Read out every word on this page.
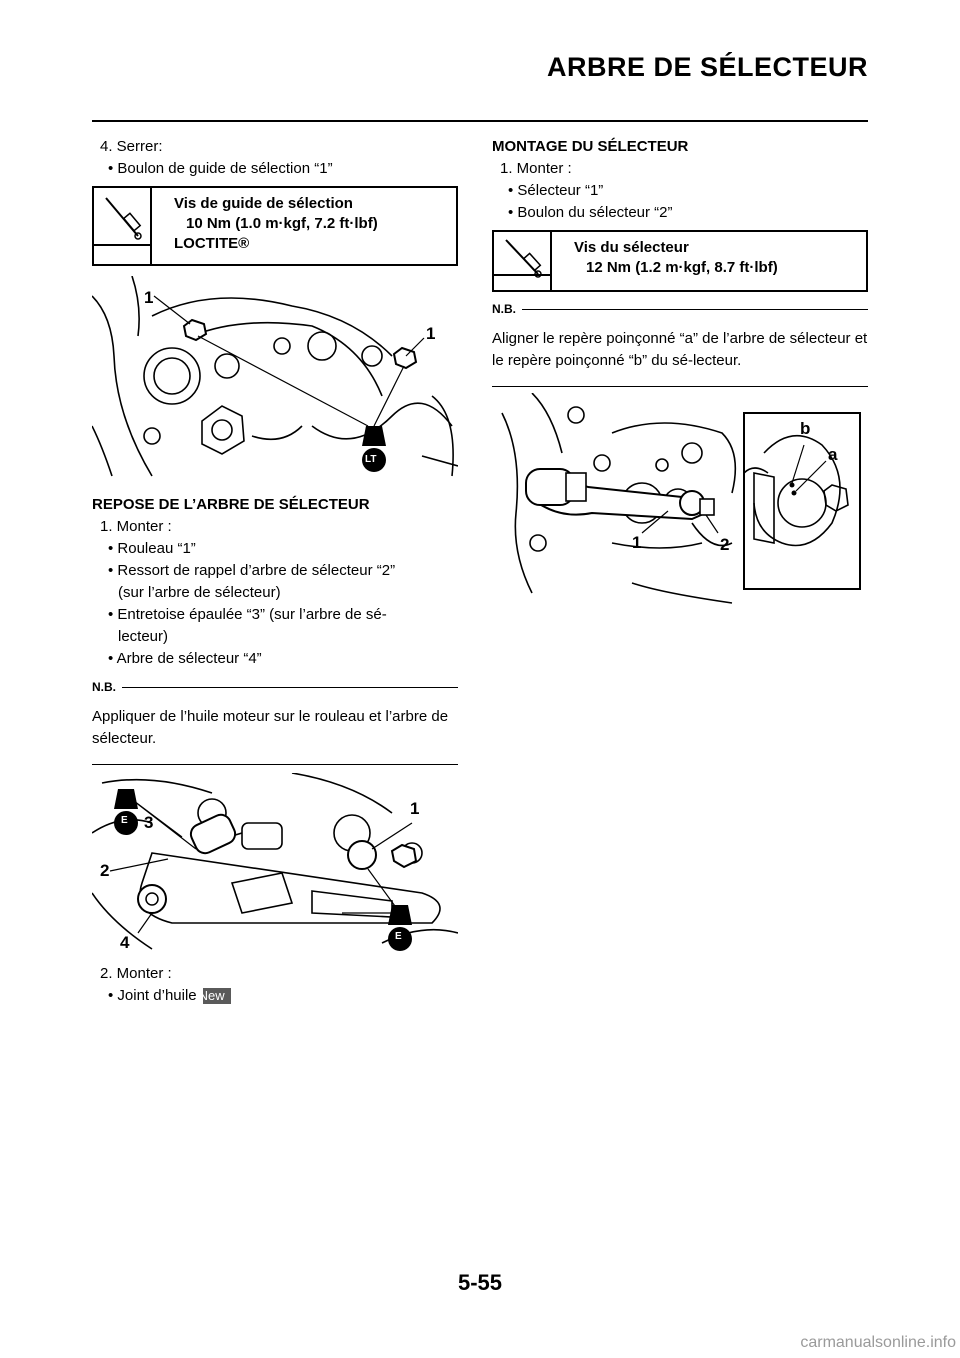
ARBRE DE SÉLECTEUR
4. Serrer:
• Boulon de guide de sélection “1”
Vis de guide de sélection
10 Nm (1.0 m·kgf, 7.2 ft·lbf)
LOCTITE®
1
1
LT
REPOSE DE L’ARBRE DE SÉLECTEUR
1. Monter :
• Rouleau “1”
• Ressort de rappel d’arbre de sélecteur “2”
(sur l’arbre de sélecteur)
• Entretoise épaulée “3” (sur l’arbre de sé-
lecteur)
• Arbre de sélecteur “4”
N.B.
Appliquer de l’huile moteur sur le rouleau et l’arbre de sélecteur.
E
E
3
1
2
4
2. Monter :
• Joint d’huile New
MONTAGE DU SÉLECTEUR
1. Monter :
• Sélecteur “1”
• Boulon du sélecteur “2”
Vis du sélecteur
12 Nm (1.2 m·kgf, 8.7 ft·lbf)
N.B.
Aligner le repère poinçonné “a” de l’arbre de sélecteur et le repère poinçonné “b” du sé-lecteur.
1	2
b
a
5-55
carmanualsonline.info
